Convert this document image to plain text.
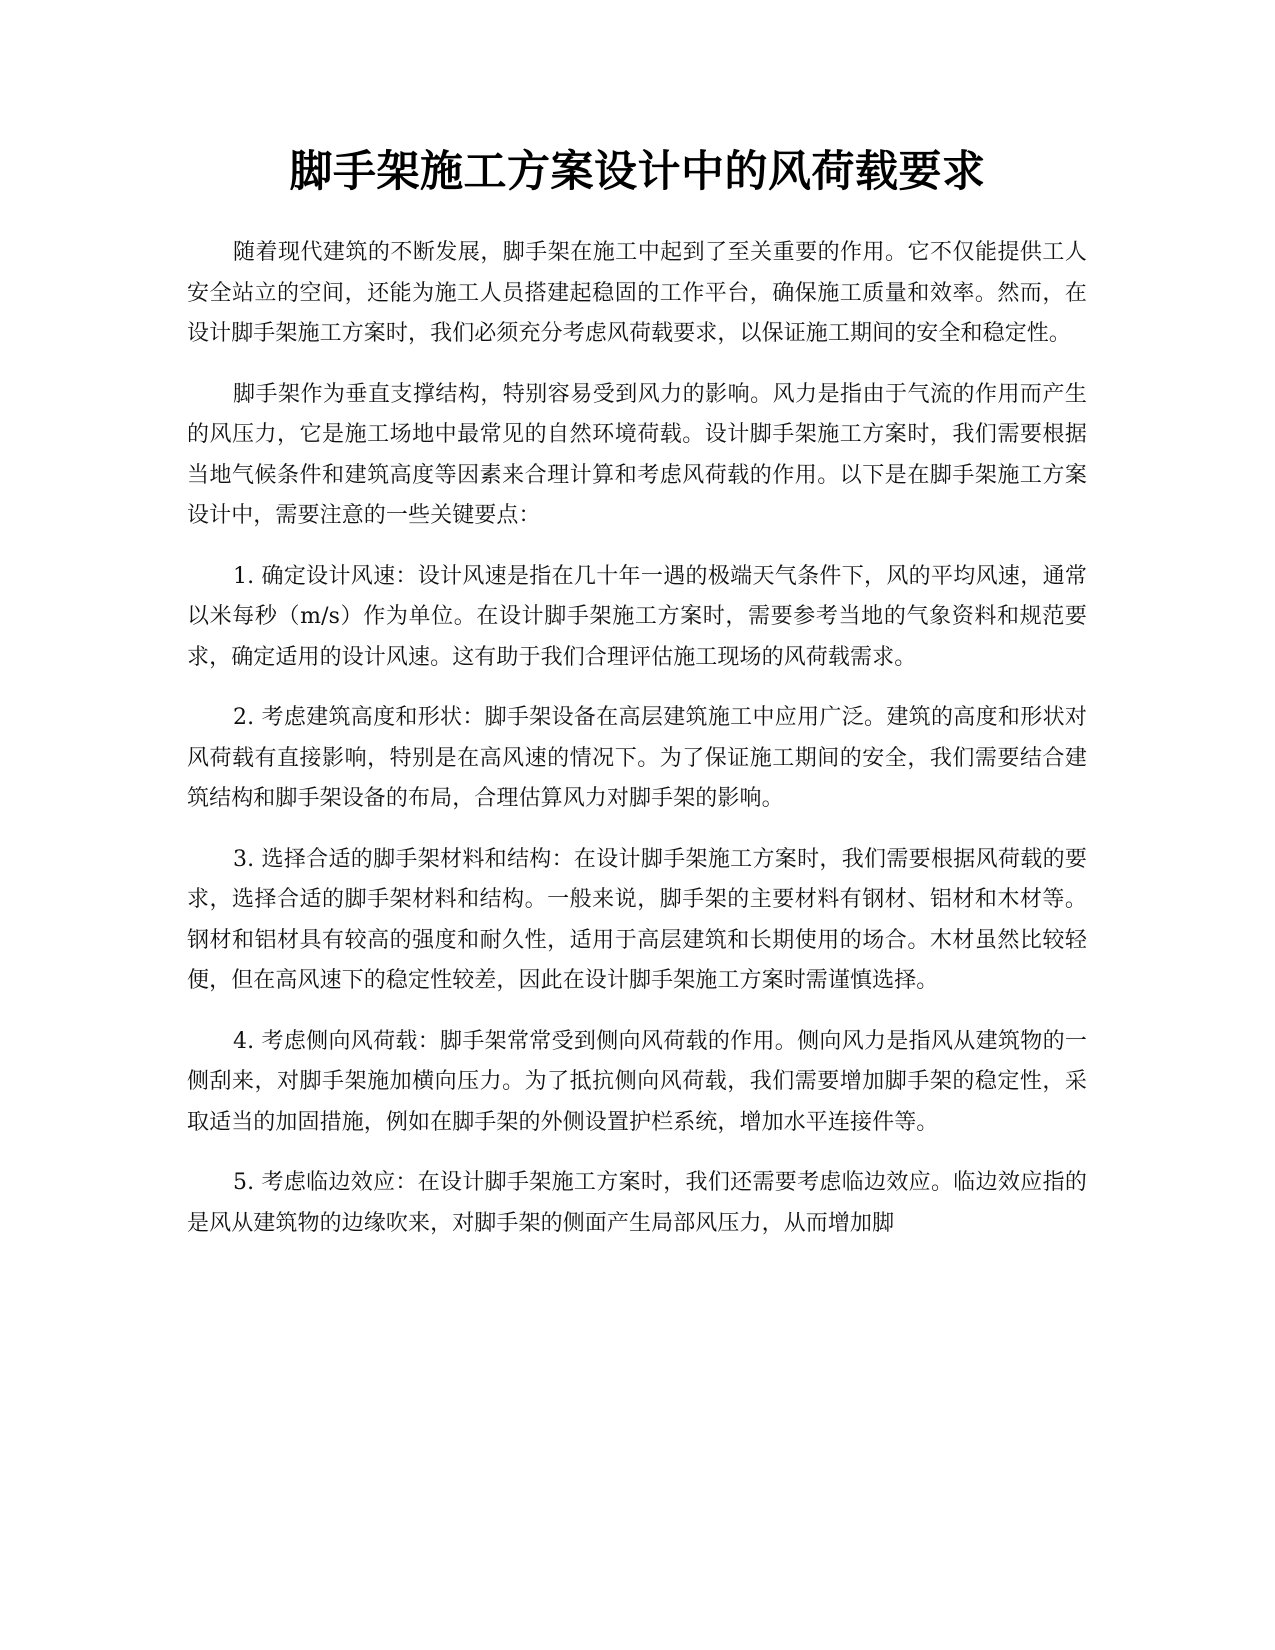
脚手架施工方案设计中的风荷载要求

随着现代建筑的不断发展，脚手架在施工中起到了至关重要的作用。它不仅能提供工人安全站立的空间，还能为施工人员搭建起稳固的工作平台，确保施工质量和效率。然而，在设计脚手架施工方案时，我们必须充分考虑风荷载要求，以保证施工期间的安全和稳定性。

脚手架作为垂直支撑结构，特别容易受到风力的影响。风力是指由于气流的作用而产生的风压力，它是施工场地中最常见的自然环境荷载。设计脚手架施工方案时，我们需要根据当地气候条件和建筑高度等因素来合理计算和考虑风荷载的作用。以下是在脚手架施工方案设计中，需要注意的一些关键要点：

1. 确定设计风速：设计风速是指在几十年一遇的极端天气条件下，风的平均风速，通常以米每秒（m/s）作为单位。在设计脚手架施工方案时，需要参考当地的气象资料和规范要求，确定适用的设计风速。这有助于我们合理评估施工现场的风荷载需求。

2. 考虑建筑高度和形状：脚手架设备在高层建筑施工中应用广泛。建筑的高度和形状对风荷载有直接影响，特别是在高风速的情况下。为了保证施工期间的安全，我们需要结合建筑结构和脚手架设备的布局，合理估算风力对脚手架的影响。

3. 选择合适的脚手架材料和结构：在设计脚手架施工方案时，我们需要根据风荷载的要求，选择合适的脚手架材料和结构。一般来说，脚手架的主要材料有钢材、铝材和木材等。钢材和铝材具有较高的强度和耐久性，适用于高层建筑和长期使用的场合。木材虽然比较轻便，但在高风速下的稳定性较差，因此在设计脚手架施工方案时需谨慎选择。

4. 考虑侧向风荷载：脚手架常常受到侧向风荷载的作用。侧向风力是指风从建筑物的一侧刮来，对脚手架施加横向压力。为了抵抗侧向风荷载，我们需要增加脚手架的稳定性，采取适当的加固措施，例如在脚手架的外侧设置护栏系统，增加水平连接件等。

5. 考虑临边效应：在设计脚手架施工方案时，我们还需要考虑临边效应。临边效应指的是风从建筑物的边缘吹来，对脚手架的侧面产生局部风压力，从而增加脚
